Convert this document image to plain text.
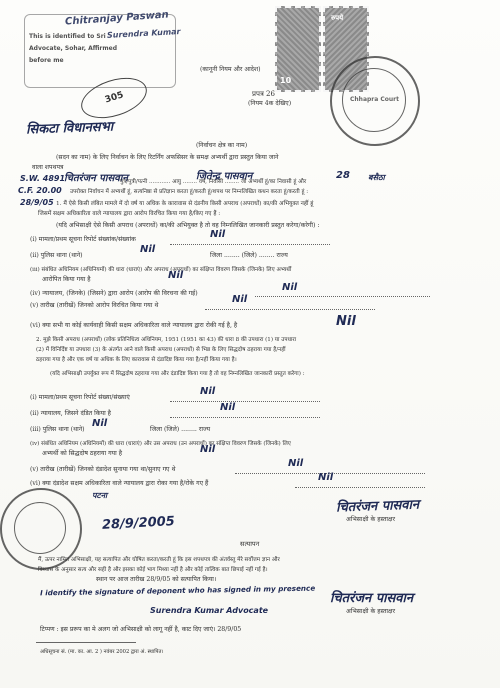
Chitranjay Paswan
This is identified to Sri Surendra Kumar
Advocate, Sohar, Affirmed
before me
305
(कानूनी नियम और आदेश)
प्रपत्र 26
(नियम 4क देखिए)
10
रुपये
Chhapra Court
सिकटा विधानसभा
(निर्वाचन क्षेत्र का नाम)
(सदन का नाम) के लिए निर्वाचन के लिए रिटर्निंग अफसिसर के समक्ष अभ्यर्थी द्वारा प्रस्तुत किया जाने
वाला शपथपत्र
S.W. 4891
चितरंजन पासवान	जितेन्द्र पासवान	28 बसैठा
C.F. 20.00
28/9/05
पुत्र/पुत्री/पत्नी ............ आयु ........ वर्ष, निवासी ........ जो अभ्यर्थी हूं/का निवासी हूं और
उपरोक्त निर्वाचन में अभ्यर्थी हूं, सत्यनिष्ठा से प्रतिज्ञान करता हूं/करती हूं/शपथ पर निम्नलिखित कथन करता हूं/करती हूं :
1. मैं ऐसे किसी लंबित मामले में दो वर्ष या अधिक के कारावास से दंडनीय किसी अपराध (अपराधों) का/की अभियुक्त नहीं हूं
जिसमें सक्षम अधिकारिता वाले न्यायालय द्वारा आरोप विरचित किया गया है/किए गए हैं :
(यदि अभिसाक्षी ऐसे किसी अपराध (अपराधों) का/की अभियुक्त है तो वह निम्नलिखित जानकारी प्रस्तुत करेगा/करेगी) :
(i) मामला/प्रथम सूचना रिपोर्ट संख्यांक/संख्यांक	Nil
(ii) पुलिस थाना (थाने)
Nil
जिला ........ (जिले) ........ राज्य
(iii) संबंधित अधिनियम (अधिनियमों) की धारा (धाराएं) और अपराध (अपराधों) का संक्षिप्त विवरण जिसके (जिनके) लिए अभ्यर्थी
आरोपित किया गया है	Nil
(iv) न्यायालय, (जिनके) (जिसने) द्वारा आरोप (आरोप की विरचना की गई)
Nil
(v) तारीख (तारीखें) जिनको आरोप विरचित किया गया थे
Nil
(vi) क्या सभी या कोई कार्यवाही किसी सक्षम अधिकारिता वाले न्यायालय द्वारा रोकी गई है, है	Nil
2. मुझे किसी अपराध (अपराधों) (लोक प्रतिनिधित्व अधिनियम, 1951 (1951 का 43) की धारा 8 की उपधारा (1) या उपधारा
(2) में विनिर्दिष्ट या उपधारा (3) के अंतर्गत आने वाले किसी अपराध (अपराधों) से भिन्न के लिए सिद्धदोष ठहराया गया है/नहीं
ठहराया गया है और एक वर्ष या अधिक के लिए कारावास से दंडादिष्ट किया गया है/नहीं किया गया है।
(यदि अभिसाक्षी उपर्युक्त रूप में सिद्धदोष ठहराया गया और दंडादिष्ट किया गया है तो वह निम्नलिखित जानकारी प्रस्तुत करेगा) :
(i) मामला/प्रथम सूचना रिपोर्ट संख्या/संख्याएं
Nil
(ii) न्यायालय, जिसने दंडित किया है
Nil
(iii) पुलिस थाना (थाने)
Nil
जिला (जिले) ........ राज्य
(iv) संबंधित अधिनियम (अधिनियमों) की धारा (धाराएं) और उस अपराध (उन अपराधों) का संक्षिप्त विवरण जिसके (जिनके) लिए
अभ्यर्थी को सिद्धदोष ठहराया गया है	Nil
(v) तारीख (तारीखें) जिनको दंडादेश सुनाया गया था/सुनाए गए थे
Nil
(vi) क्या दंडादेश सक्षम अधिकारिता वाले न्यायालय द्वारा रोका गया है/रोके गए हैं
Nil
पटना
28/9/2005
चितरंजन पासवान
अभिसाक्षी के हस्ताक्षर
सत्यापन
मैं, ऊपर नामित अभिसाक्षी, यह सत्यापित और घोषित करता/करती हूं कि इस शपथपत्र की अंतर्वस्तु मेरे सर्वोत्तम ज्ञान और
विश्वास के अनुसार सत्य और सही है और इसका कोई भाग मिथ्या नहीं है और कोई तात्विक बात छिपाई नहीं गई है।
स्थान पर आज तारीख 28/9/05 को सत्यापित किया।
I identify the signature of deponent who has signed in my presence
Surendra Kumar Advocate
चितरंजन पासवान
अभिसाक्षी के हस्ताक्षर
टिप्पण : इस प्ररूप का मे अलग जो अभिसाक्षी को लागू नहीं है, काट दिए जाएं। 28/9/05
अधिसूचना सं. (मा. का. आ. 2 ) नवंबर 2002 द्वारा अं. स्थापित।
